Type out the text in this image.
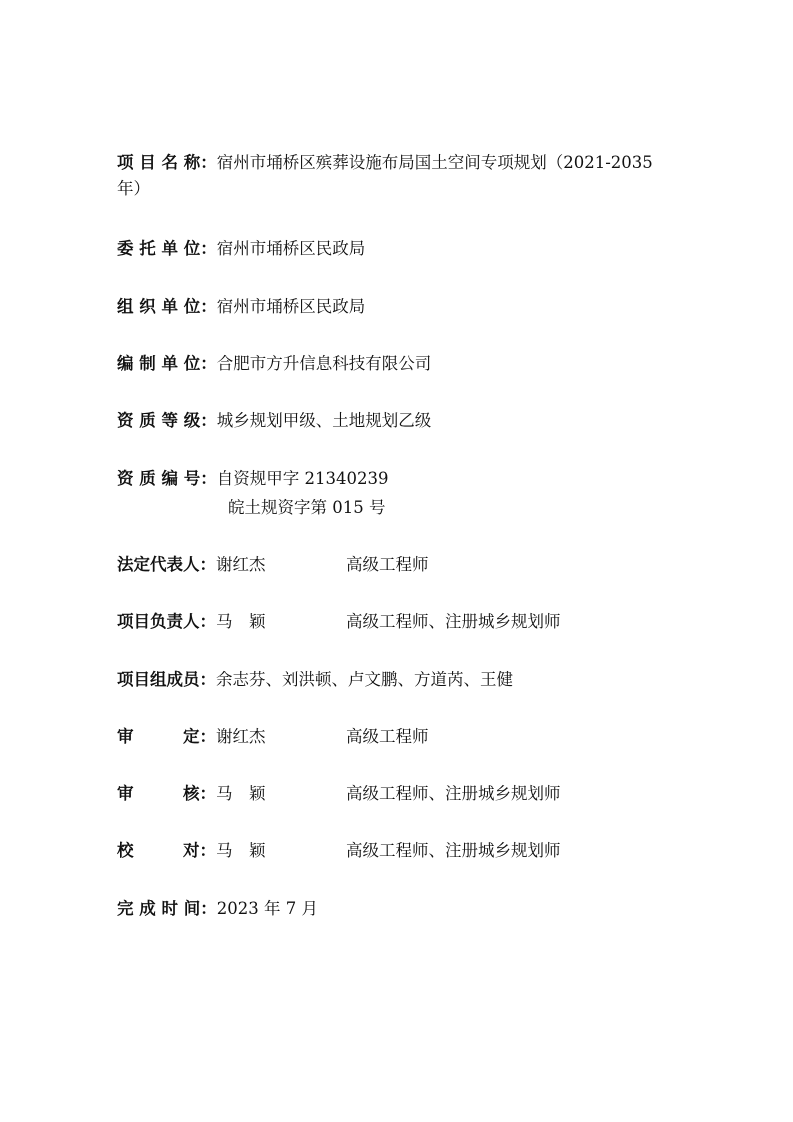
项 目 名 称：宿州市埇桥区殡葬设施布局国土空间专项规划（2021-2035
年）
委 托 单 位：宿州市埇桥区民政局
组 织 单 位：宿州市埇桥区民政局
编 制 单 位：合肥市方升信息科技有限公司
资 质 等 级：城乡规划甲级、土地规划乙级
资 质 编 号：自资规甲字 21340239
皖土规资字第 015 号
法定代表人：谢红杰	高级工程师
项目负责人：马　颖	高级工程师、注册城乡规划师
项目组成员：余志芬、刘洪顿、卢文鹏、方道芮、王健
审　　　定：谢红杰	高级工程师
审　　　核：马　颖	高级工程师、注册城乡规划师
校　　　对：马　颖	高级工程师、注册城乡规划师
完 成 时 间：2023 年 7 月
